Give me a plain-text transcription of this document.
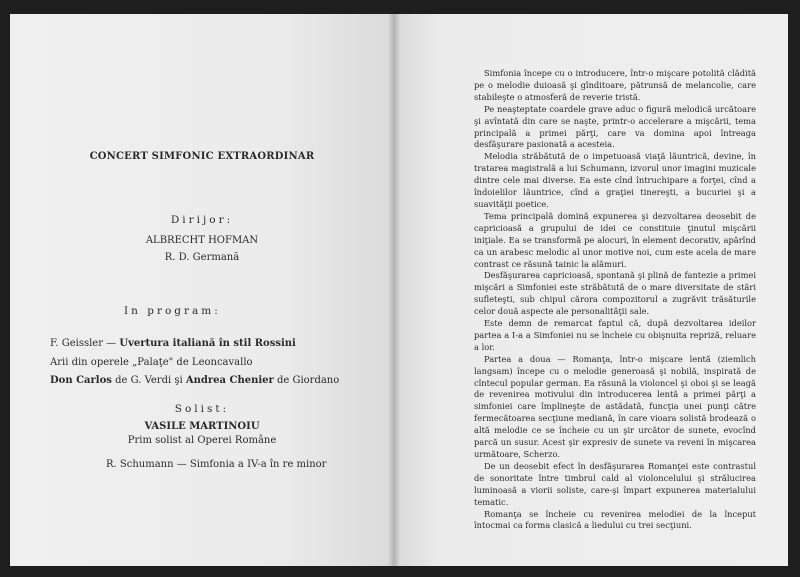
CONCERT SIMFONIC EXTRAORDINAR
Dirijor:
ALBRECHT HOFMAN
R. D. Germană
In program:
F. Geissler — Uvertura italiană în stil Rossini
Arii din operele „Palaţe" de Leoncavallo
Don Carlos de G. Verdi şi Andrea Chenier de Giordano
Solist:
VASILE MARTINOIU
Prim solist al Operei Române
R. Schumann — Simfonia a IV-a în re minor

Simfonia începe cu o introducere, într-o mişcare potolită clădită pe o melodie duioasă şi gînditoare, pătrunsă de melancolie, care stabileşte o atmosferă de reverie tristă.

Pe neaşteptate coardele grave aduc o figură melodică urcătoare şi avîntată din care se naşte, printr-o accelerare a mişcării, tema principală a primei părţi, care va domina apoi întreaga desfăşurare pasionată a acesteia.

Melodia străbătută de o impetuoasă viaţă lăuntrică, devine, în tratarea magistrală a lui Schumann, izvorul unor imagini muzicale dintre cele mai diverse. Ea este cînd întruchipare a forţei, cînd a îndoielilor lăuntrice, cînd a graţiei tinereşti, a bucuriei şi a suavităţii poetice.

Tema principală domină expunerea şi dezvoltarea deosebit de capricioasă a grupului de idei ce constituie ţinutul mişcării iniţiale. Ea se transformă pe alocuri, în element decorativ, apărînd ca un arabesc melodic al unor motive noi, cum este acela de mare contrast ce răsună tainic la alămuri.

Desfăşurarea capricioasă, spontană şi plină de fantezie a primei mişcări a Simfoniei este străbătută de o mare diversitate de stări sufleteşti, sub chipul cărora compozitorul a zugrăvit trăsăturile celor două aspecte ale personalităţii sale.

Este demn de remarcat faptul că, după dezvoltarea ideilor partea a I-a a Simfoniei nu se încheie cu obişnuita repriză, reluare a lor.

Partea a doua — Romanţa, într-o mişcare lentă (ziemlich langsam) începe cu o melodie generoasă şi nobilă, inspirată de cîntecul popular german. Ea răsună la violoncel şi oboi şi se leagă de revenirea motivului din introducerea lentă a primei părţi a simfoniei care împlineşte de astădată, funcţia unei punţi către fermecătoarea secţiune mediană, în care vioara solistă brodează o altă melodie ce se încheie cu un şir urcător de sunete, evocînd parcă un susur. Acest şir expresiv de sunete va reveni în mişcarea următoare, Scherzo.

De un deosebit efect în desfăşurarea Romanţei este contrastul de sonoritate între timbrul cald al violoncelului şi strălucirea luminoasă a viorii soliste, care-şi împart expunerea materialului tematic.

Romanţa se încheie cu revenirea melodiei de la început întocmai ca forma clasică a liedului cu trei secţiuni.
